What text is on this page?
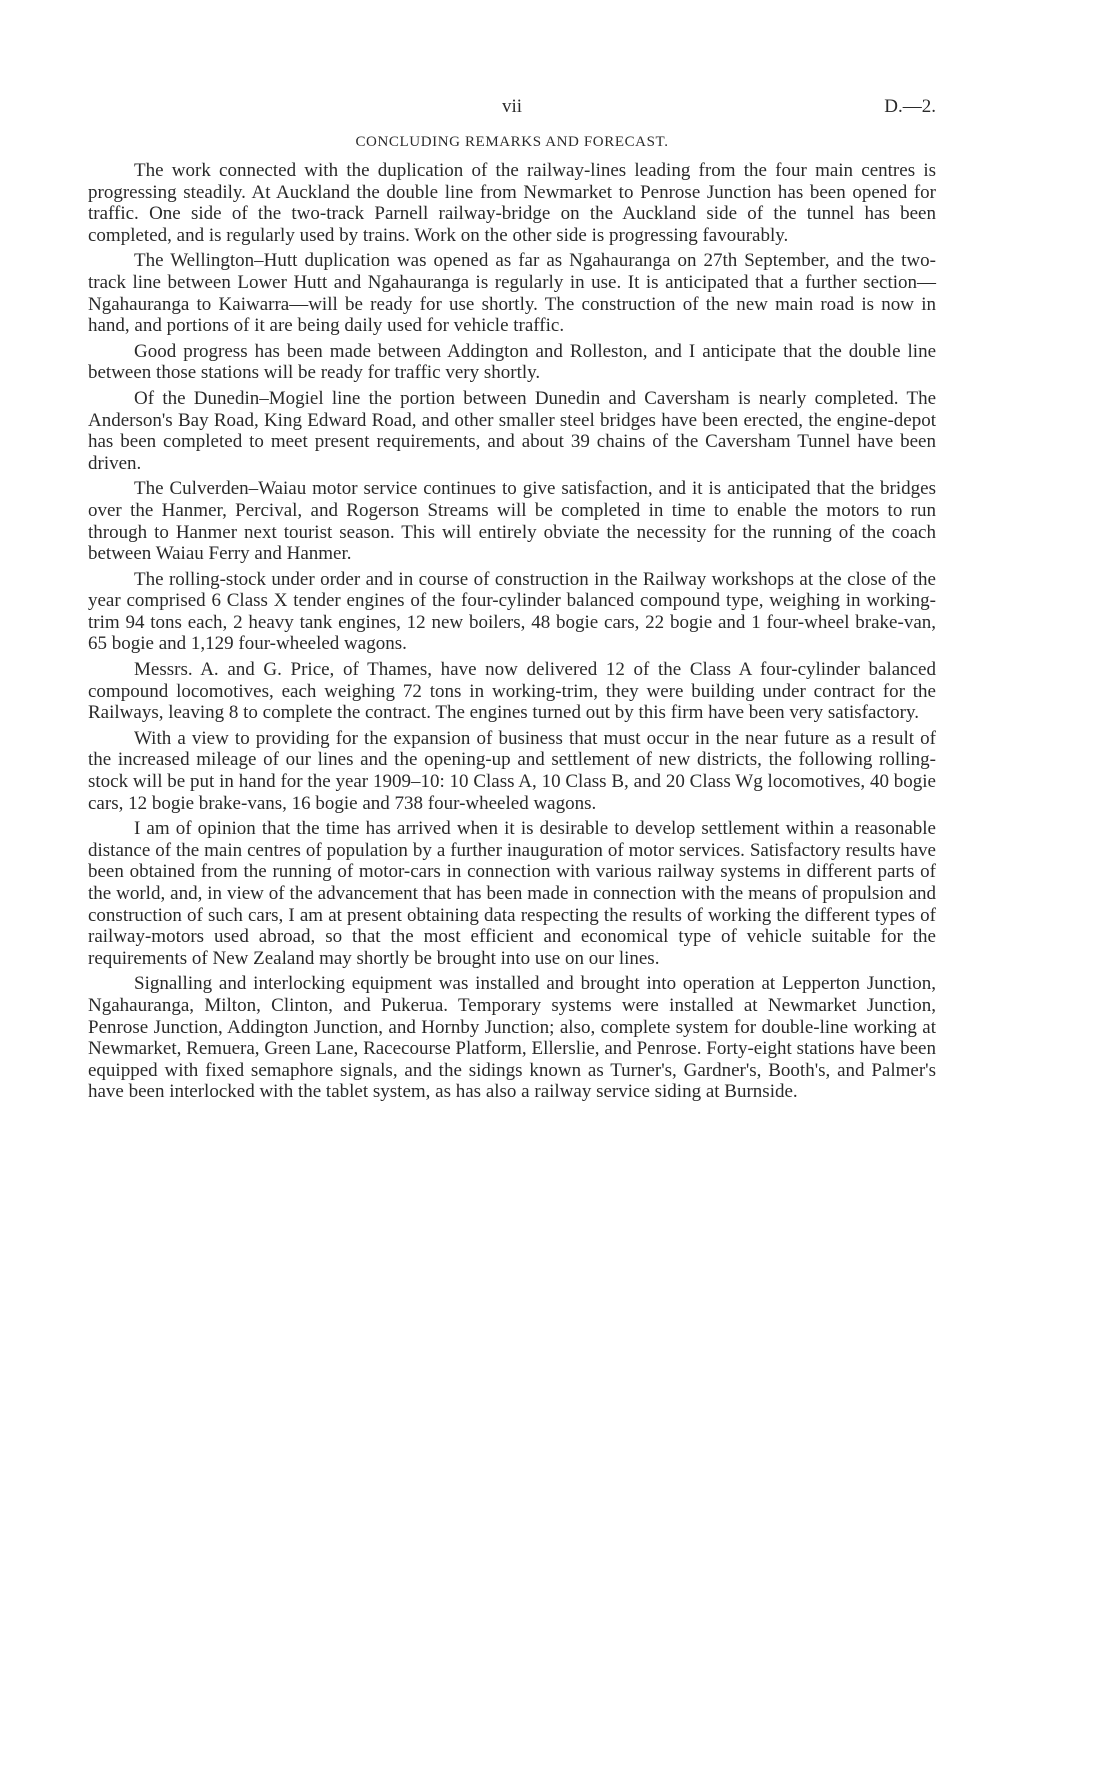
vii	D.—2.
CONCLUDING REMARKS AND FORECAST.

The work connected with the duplication of the railway-lines leading from the four main centres is progressing steadily. At Auckland the double line from Newmarket to Penrose Junction has been opened for traffic. One side of the two-track Parnell railway-bridge on the Auckland side of the tunnel has been completed, and is regularly used by trains. Work on the other side is progressing favourably.

The Wellington–Hutt duplication was opened as far as Ngahauranga on 27th September, and the two-track line between Lower Hutt and Ngahauranga is regularly in use. It is anticipated that a further section—Ngahauranga to Kaiwarra—will be ready for use shortly. The construction of the new main road is now in hand, and portions of it are being daily used for vehicle traffic.

Good progress has been made between Addington and Rolleston, and I anticipate that the double line between those stations will be ready for traffic very shortly.

Of the Dunedin–Mogiel line the portion between Dunedin and Caversham is nearly completed. The Anderson's Bay Road, King Edward Road, and other smaller steel bridges have been erected, the engine-depot has been completed to meet present requirements, and about 39 chains of the Caversham Tunnel have been driven.

The Culverden–Waiau motor service continues to give satisfaction, and it is anticipated that the bridges over the Hanmer, Percival, and Rogerson Streams will be completed in time to enable the motors to run through to Hanmer next tourist season. This will entirely obviate the necessity for the running of the coach between Waiau Ferry and Hanmer.

The rolling-stock under order and in course of construction in the Railway workshops at the close of the year comprised 6 Class X tender engines of the four-cylinder balanced compound type, weighing in working-trim 94 tons each, 2 heavy tank engines, 12 new boilers, 48 bogie cars, 22 bogie and 1 four-wheel brake-van, 65 bogie and 1,129 four-wheeled wagons.

Messrs. A. and G. Price, of Thames, have now delivered 12 of the Class A four-cylinder balanced compound locomotives, each weighing 72 tons in working-trim, they were building under contract for the Railways, leaving 8 to complete the contract. The engines turned out by this firm have been very satisfactory.

With a view to providing for the expansion of business that must occur in the near future as a result of the increased mileage of our lines and the opening-up and settlement of new districts, the following rolling-stock will be put in hand for the year 1909–10: 10 Class A, 10 Class B, and 20 Class Wg locomotives, 40 bogie cars, 12 bogie brake-vans, 16 bogie and 738 four-wheeled wagons.

I am of opinion that the time has arrived when it is desirable to develop settlement within a reasonable distance of the main centres of population by a further inauguration of motor services. Satisfactory results have been obtained from the running of motor-cars in connection with various railway systems in different parts of the world, and, in view of the advancement that has been made in connection with the means of propulsion and construction of such cars, I am at present obtaining data respecting the results of working the different types of railway-motors used abroad, so that the most efficient and economical type of vehicle suitable for the requirements of New Zealand may shortly be brought into use on our lines.

Signalling and interlocking equipment was installed and brought into operation at Lepperton Junction, Ngahauranga, Milton, Clinton, and Pukerua. Temporary systems were installed at Newmarket Junction, Penrose Junction, Addington Junction, and Hornby Junction; also, complete system for double-line working at Newmarket, Remuera, Green Lane, Racecourse Platform, Ellerslie, and Penrose. Forty-eight stations have been equipped with fixed semaphore signals, and the sidings known as Turner's, Gardner's, Booth's, and Palmer's have been interlocked with the tablet system, as has also a railway service siding at Burnside.
